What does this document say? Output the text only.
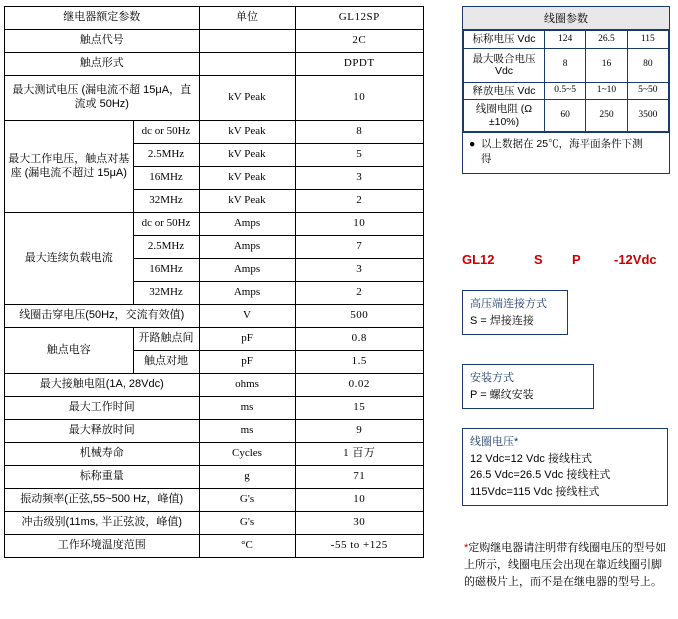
继电器额定参数		单位	GL12SP
触点代号			2C
触点形式			DPDT
最大测试电压 (漏电流不超 15μA，直流或 50Hz)		kV Peak	10
最大工作电压，触点对基座 (漏电流不超过 15μA)	dc or 50Hz	kV Peak	8
	2.5MHz	kV Peak	5
	16MHz	kV Peak	3
	32MHz	kV Peak	2
最大连续负载电流	dc or 50Hz	Amps	10
	2.5MHz	Amps	7
	16MHz	Amps	3
	32MHz	Amps	2
线圈击穿电压(50Hz，交流有效值)		V	500
触点电容	开路触点间	pF	0.8
	触点对地	pF	1.5
最大接触电阻(1A, 28Vdc)		ohms	0.02
最大工作时间		ms	15
最大释放时间		ms	9
机械寿命		Cycles	1 百万
标称重量		g	71
振动频率(正弦,55~500 Hz，峰值)		G's	10
冲击级别(11ms, 半正弦波，峰值)		G's	30
工作环境温度范围		°C	-55 to +125
线圈参数
标称电压 Vdc	124	26.5	115
最大吸合电压 Vdc	8	16	80
释放电压 Vdc	0.5~5	1~10	5~50
线圈电阻 (Ω ±10%)	60	250	3500
● 以上数据在 25℃，海平面条件下测得
GL12	S P	-12Vdc
高压端连接方式
S = 焊接连接
安装方式
P = 螺纹安装
线圈电压*
12 Vdc=12 Vdc 接线柱式
26.5 Vdc=26.5 Vdc 接线柱式
115Vdc=115 Vdc 接线柱式
*定购继电器请注明带有线圈电压的型号如上所示，线圈电压会出现在靠近线圈引脚的磁极片上，而不是在继电器的型号上。
